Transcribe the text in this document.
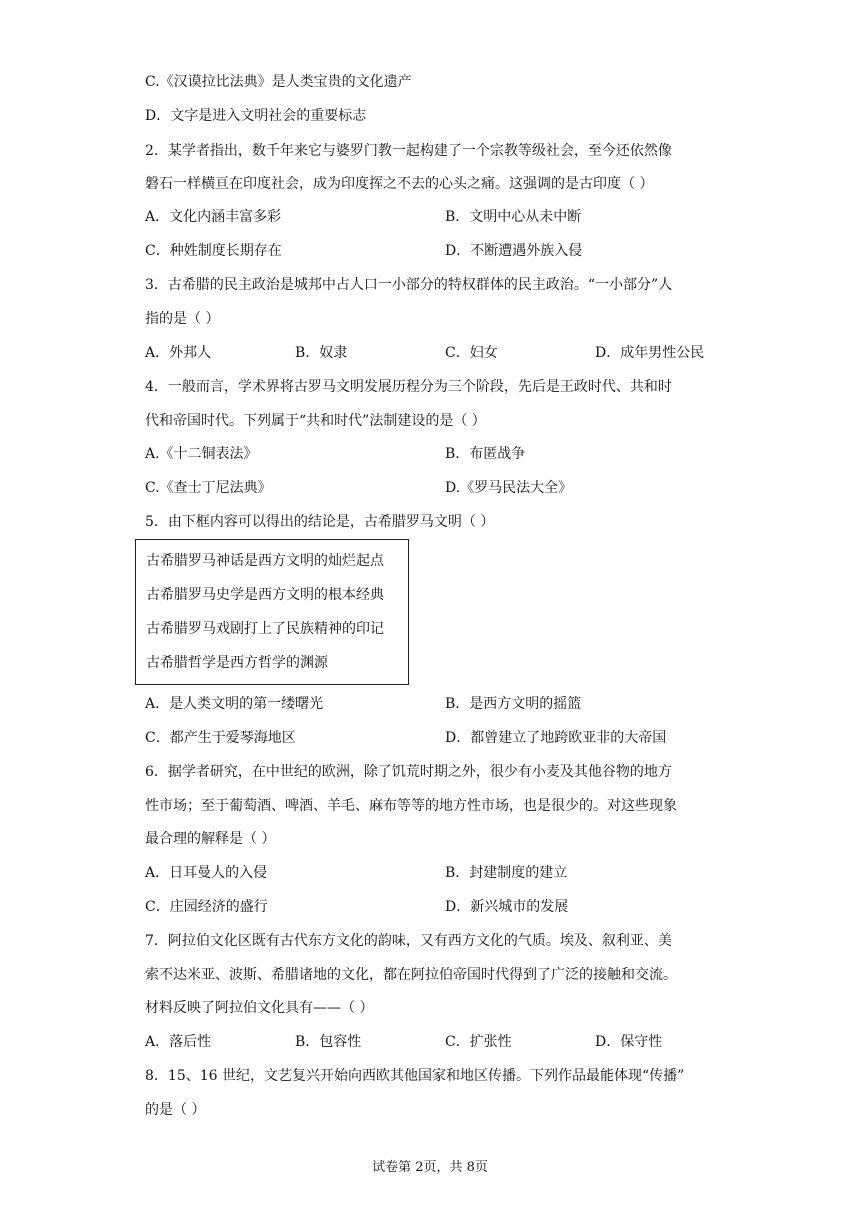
C.《汉谟拉比法典》是人类宝贵的文化遗产
D．文字是进入文明社会的重要标志
2．某学者指出，数千年来它与婆罗门教一起构建了一个宗教等级社会，至今还依然像
磐石一样横亘在印度社会，成为印度挥之不去的心头之痛。这强调的是古印度（ ）
A．文化内涵丰富多彩	B．文明中心从未中断
C．种姓制度长期存在	D．不断遭遇外族入侵
3．古希腊的民主政治是城邦中占人口一小部分的特权群体的民主政治。“一小部分”人
指的是（ ）
A．外邦人	B．奴隶	C．妇女	D．成年男性公民
4．一般而言，学术界将古罗马文明发展历程分为三个阶段，先后是王政时代、共和时
代和帝国时代。下列属于“共和时代”法制建设的是（ ）
A.《十二铜表法》	B．布匿战争
C.《查士丁尼法典》	D.《罗马民法大全》
5．由下框内容可以得出的结论是，古希腊罗马文明（ ）
古希腊罗马神话是西方文明的灿烂起点
古希腊罗马史学是西方文明的根本经典
古希腊罗马戏剧打上了民族精神的印记
古希腊哲学是西方哲学的渊源
A．是人类文明的第一缕曙光	B．是西方文明的摇篮
C．都产生于爱琴海地区	D．都曾建立了地跨欧亚非的大帝国
6．据学者研究，在中世纪的欧洲，除了饥荒时期之外，很少有小麦及其他谷物的地方
性市场；至于葡萄酒、啤酒、羊毛、麻布等等的地方性市场，也是很少的。对这些现象
最合理的解释是（ ）
A．日耳曼人的入侵	B．封建制度的建立
C．庄园经济的盛行	D．新兴城市的发展
7．阿拉伯文化区既有古代东方文化的韵味，又有西方文化的气质。埃及、叙利亚、美
索不达米亚、波斯、希腊诸地的文化，都在阿拉伯帝国时代得到了广泛的接触和交流。
材料反映了阿拉伯文化具有——（ ）
A．落后性	B．包容性	C．扩张性	D．保守性
8．15、16 世纪，文艺复兴开始向西欧其他国家和地区传播。下列作品最能体现“传播”
的是（ ）
试卷第 2页，共 8页
